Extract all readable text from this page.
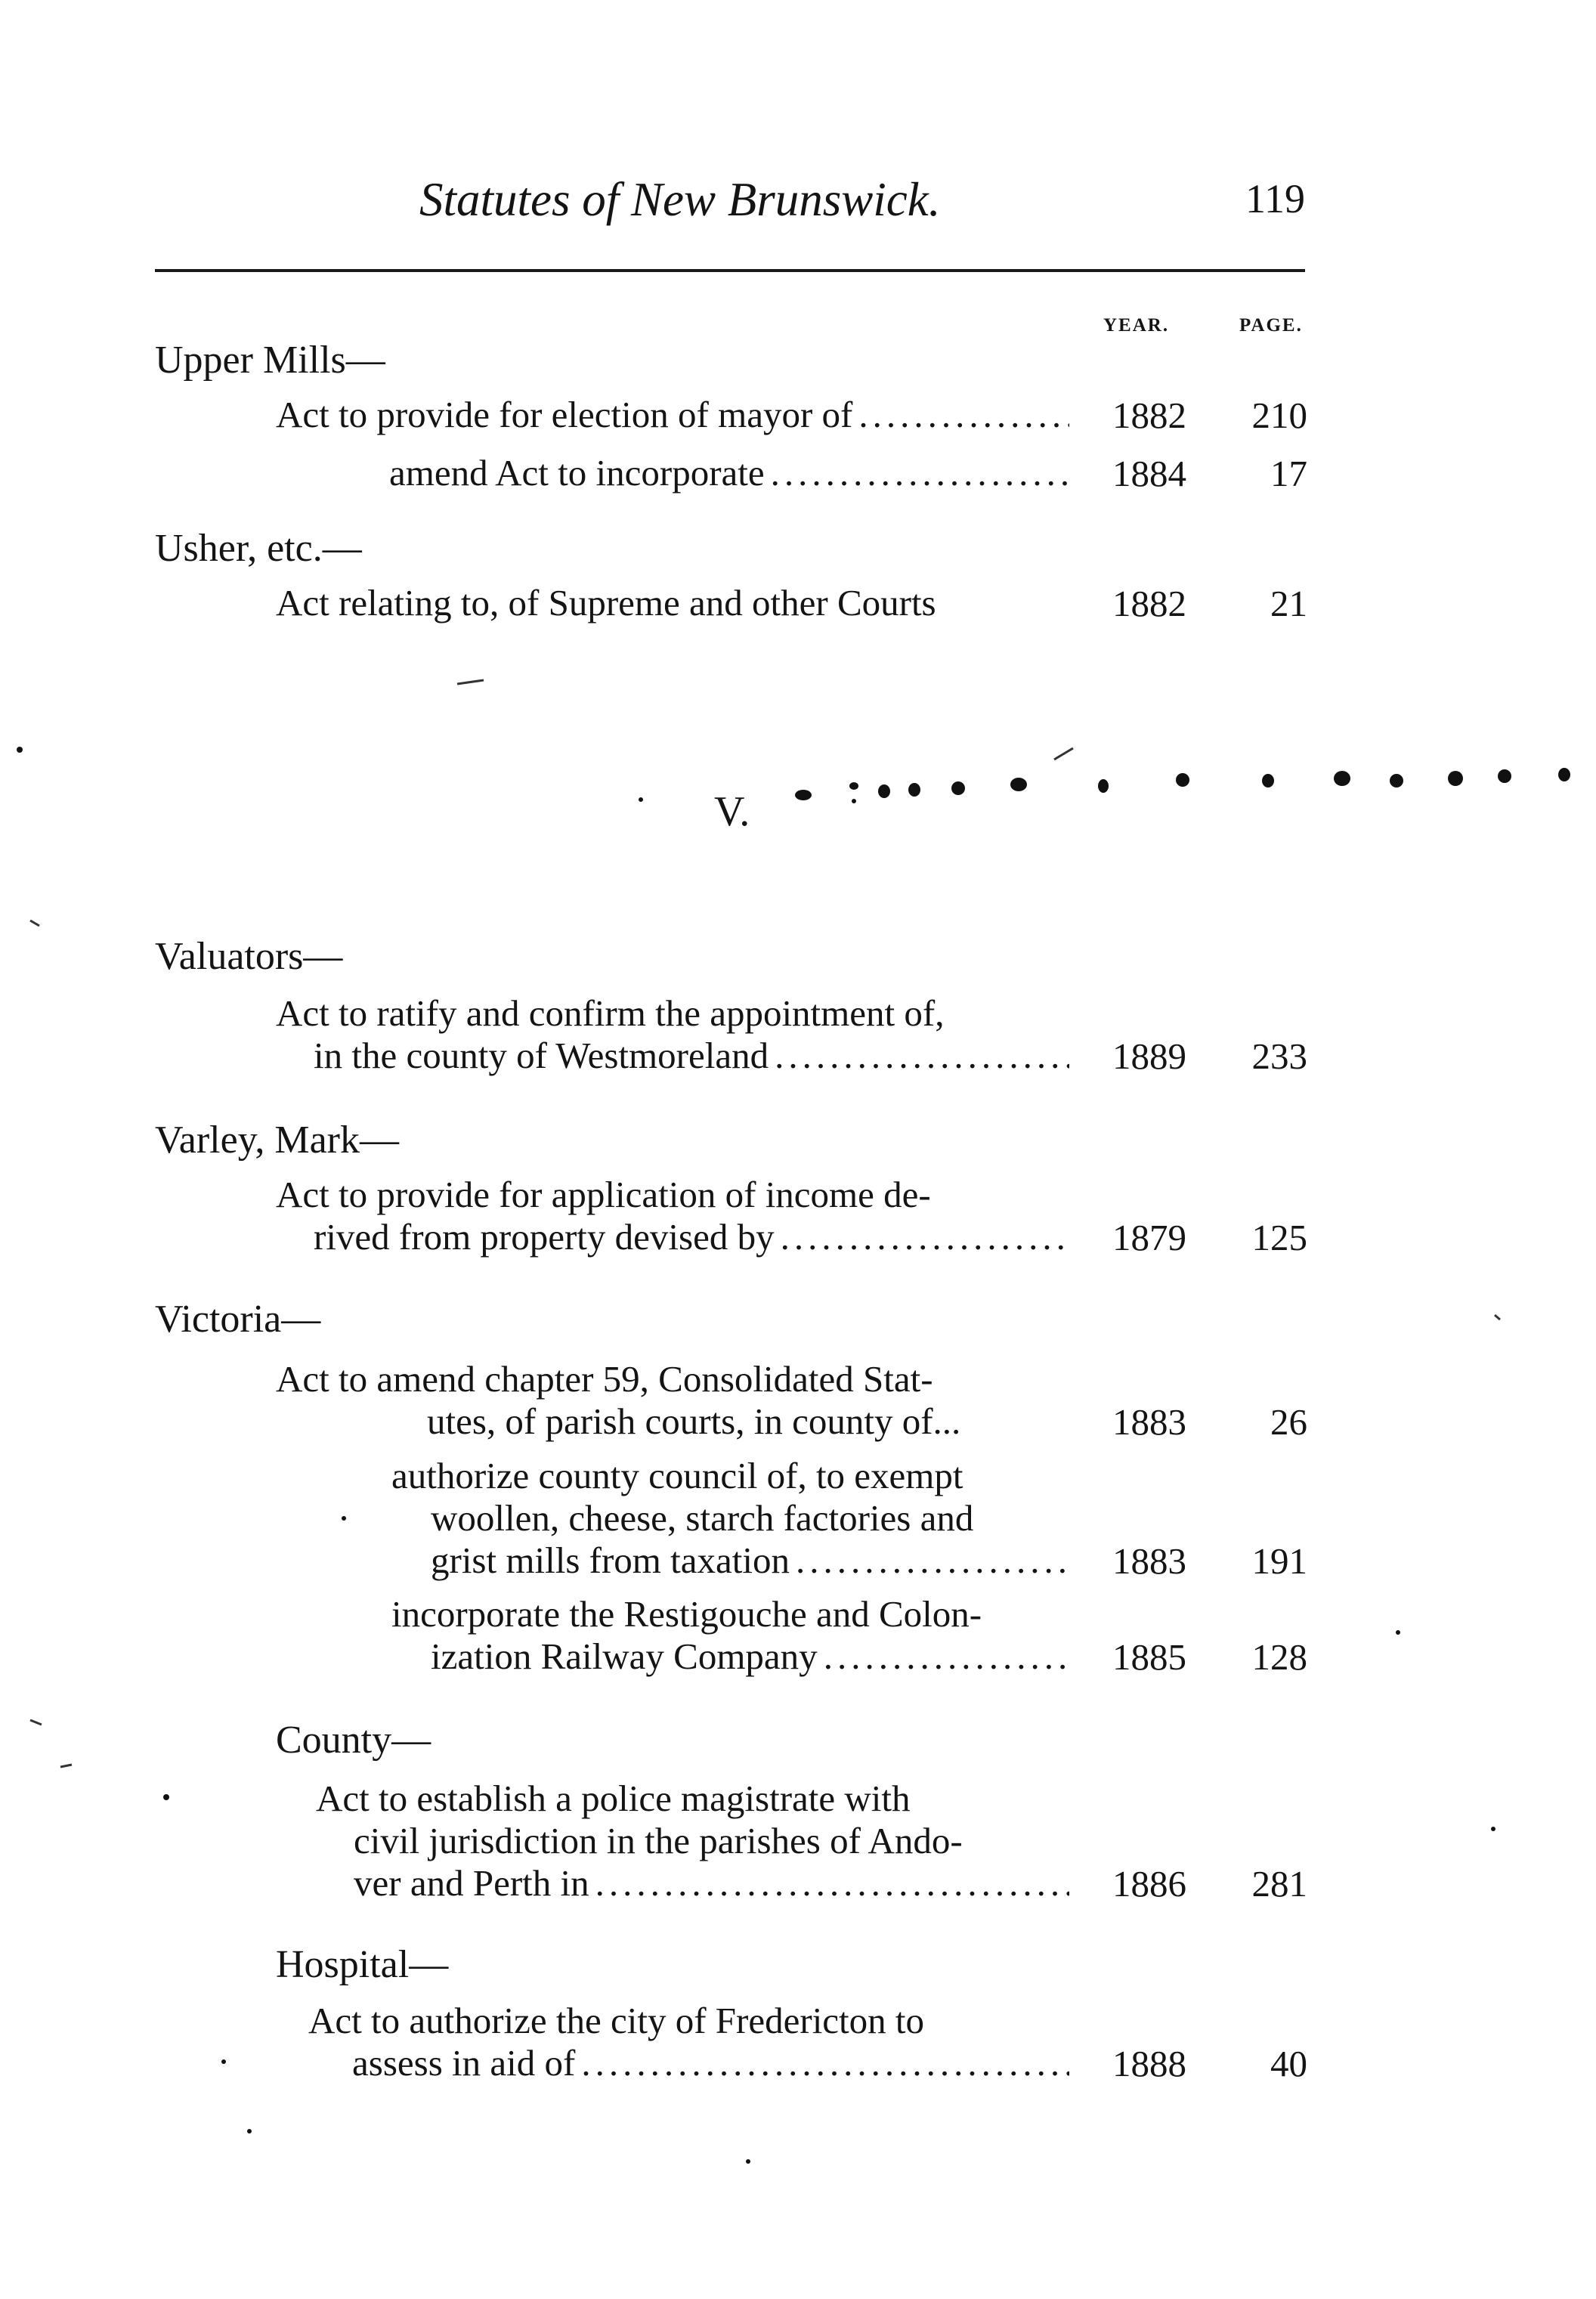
Statutes of New Brunswick.	119
YEAR.	PAGE.
Upper Mills—
Act to provide for election of mayor of .....	1882	210
amend Act to incorporate .....	1884	17
Usher, etc.—
Act relating to, of Supreme and other Courts	1882	21
V.
Valuators—
Act to ratify and confirm the appointment of,
in the county of Westmoreland .....	1889	233
Varley, Mark—
Act to provide for application of income de-
rived from property devised by .....	1879	125
Victoria—
Act to amend chapter 59, Consolidated Stat-
utes, of parish courts, in county of...	1883	26
authorize county council of, to exempt
woollen, cheese, starch factories and
grist mills from taxation .....	1883	191
incorporate the Restigouche and Colon-
ization Railway Company .....	1885	128
County—
Act to establish a police magistrate with
civil jurisdiction in the parishes of Ando-
ver and Perth in .....	1886	281
Hospital—
Act to authorize the city of Fredericton to
assess in aid of .....	1888	40
